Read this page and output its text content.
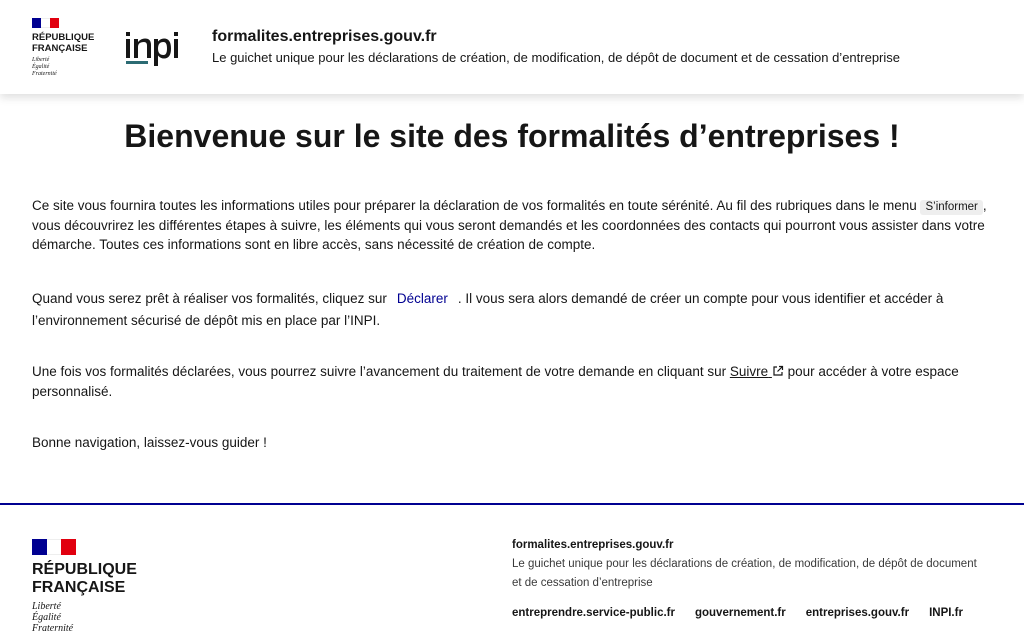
RÉPUBLIQUE
FRANÇAISE
Liberté
Égalité
Fraternité
formalites.entreprises.gouv.fr
Le guichet unique pour les déclarations de création, de modification, de dépôt de document et de cessation d’entreprise
Bienvenue sur le site des formalités d’entreprises !

Ce site vous fournira toutes les informations utiles pour préparer la déclaration de vos formalités en toute sérénité. Au fil des rubriques dans le menu S’informer , vous découvrirez les différentes étapes à suivre, les éléments qui vous seront demandés et les coordonnées des contacts qui pourront vous assister dans votre démarche. Toutes ces informations sont en libre accès, sans nécessité de création de compte.

Quand vous serez prêt à réaliser vos formalités, cliquez sur Déclarer . Il vous sera alors demandé de créer un compte pour vous identifier et accéder à l’environnement sécurisé de dépôt mis en place par l’INPI.

Une fois vos formalités déclarées, vous pourrez suivre l’avancement du traitement de votre demande en cliquant sur Suivre  pour accéder à votre espace personnalisé.

Bonne navigation, laissez-vous guider !

RÉPUBLIQUE
FRANÇAISE
Liberté
Égalité
Fraternité
formalites.entreprises.gouv.fr
Le guichet unique pour les déclarations de création, de modification, de dépôt de document et de cessation d’entreprise
entreprendre.service-public.fr gouvernement.fr entreprises.gouv.fr INPI.fr
